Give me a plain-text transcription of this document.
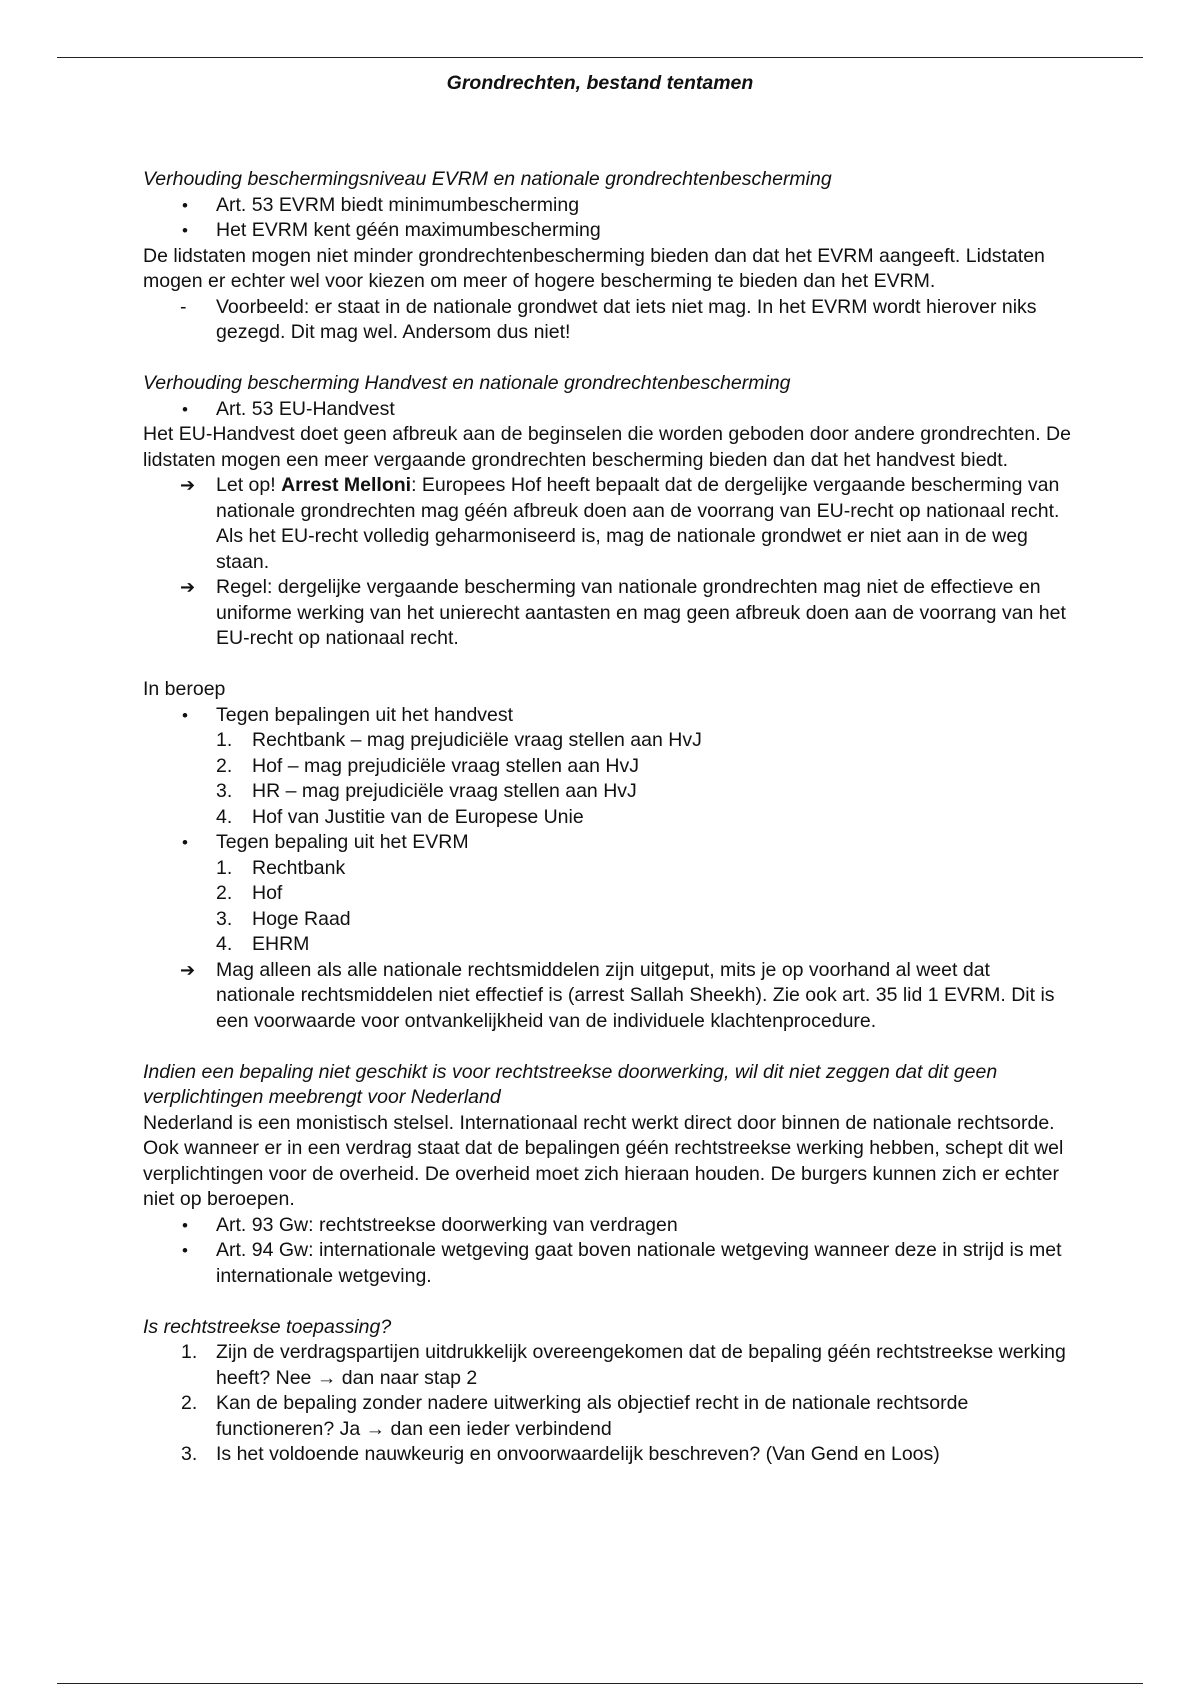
Grondrechten, bestand tentamen

Verhouding beschermingsniveau EVRM en nationale grondrechtenbescherming

• Art. 53 EVRM biedt minimumbescherming
• Het EVRM kent géén maximumbescherming

De lidstaten mogen niet minder grondrechtenbescherming bieden dan dat het EVRM aangeeft. Lidstaten mogen er echter wel voor kiezen om meer of hogere bescherming te bieden dan het EVRM.

- Voorbeeld: er staat in de nationale grondwet dat iets niet mag. In het EVRM wordt hierover niks gezegd. Dit mag wel. Andersom dus niet!

Verhouding bescherming Handvest en nationale grondrechtenbescherming

• Art. 53 EU-Handvest

Het EU-Handvest doet geen afbreuk aan de beginselen die worden geboden door andere grondrechten. De lidstaten mogen een meer vergaande grondrechten bescherming bieden dan dat het handvest biedt.

➔ Let op! Arrest Melloni: Europees Hof heeft bepaalt dat de dergelijke vergaande bescherming van nationale grondrechten mag géén afbreuk doen aan de voorrang van EU-recht op nationaal recht. Als het EU-recht volledig geharmoniseerd is, mag de nationale grondwet er niet aan in de weg staan.
➔ Regel: dergelijke vergaande bescherming van nationale grondrechten mag niet de effectieve en uniforme werking van het unierecht aantasten en mag geen afbreuk doen aan de voorrang van het EU-recht op nationaal recht.

In beroep

• Tegen bepalingen uit het handvest
1. Rechtbank – mag prejudiciële vraag stellen aan HvJ
2. Hof – mag prejudiciële vraag stellen aan HvJ
3. HR – mag prejudiciële vraag stellen aan HvJ
4. Hof van Justitie van de Europese Unie
• Tegen bepaling uit het EVRM
1. Rechtbank
2. Hof
3. Hoge Raad
4. EHRM
➔ Mag alleen als alle nationale rechtsmiddelen zijn uitgeput, mits je op voorhand al weet dat nationale rechtsmiddelen niet effectief is (arrest Sallah Sheekh). Zie ook art. 35 lid 1 EVRM. Dit is een voorwaarde voor ontvankelijkheid van de individuele klachtenprocedure.

Indien een bepaling niet geschikt is voor rechtstreekse doorwerking, wil dit niet zeggen dat dit geen verplichtingen meebrengt voor Nederland

Nederland is een monistisch stelsel. Internationaal recht werkt direct door binnen de nationale rechtsorde. Ook wanneer er in een verdrag staat dat de bepalingen géén rechtstreekse werking hebben, schept dit wel verplichtingen voor de overheid. De overheid moet zich hieraan houden. De burgers kunnen zich er echter niet op beroepen.

• Art. 93 Gw: rechtstreekse doorwerking van verdragen
• Art. 94 Gw: internationale wetgeving gaat boven nationale wetgeving wanneer deze in strijd is met internationale wetgeving.

Is rechtstreekse toepassing?

1. Zijn de verdragspartijen uitdrukkelijk overeengekomen dat de bepaling géén rechtstreekse werking heeft? Nee → dan naar stap 2
2. Kan de bepaling zonder nadere uitwerking als objectief recht in de nationale rechtsorde functioneren? Ja → dan een ieder verbindend
3. Is het voldoende nauwkeurig en onvoorwaardelijk beschreven? (Van Gend en Loos)
